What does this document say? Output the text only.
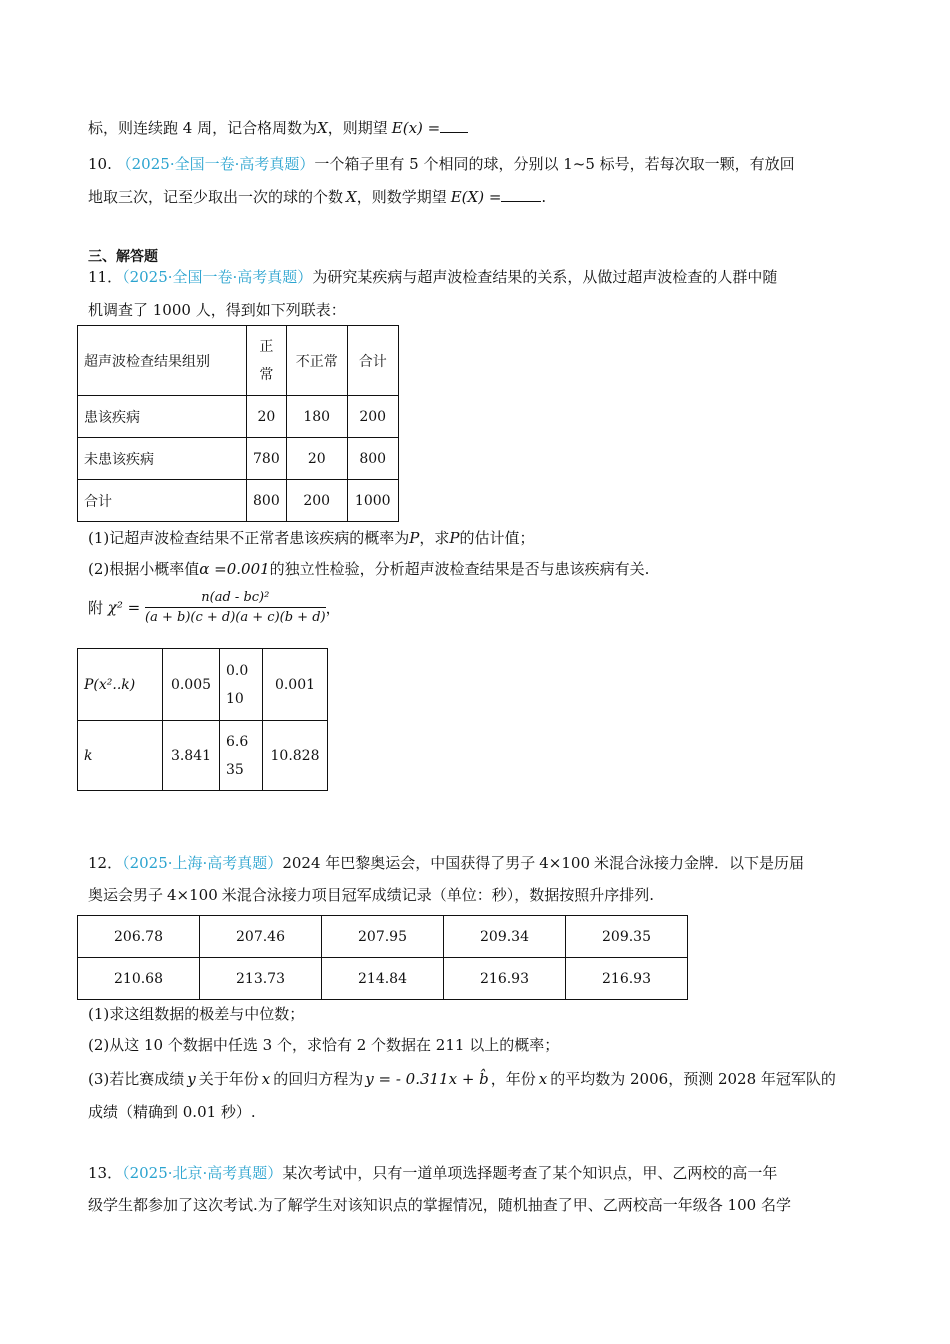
标，则连续跑 4 周，记合格周数为X，则期望 E(x) =
10. （2025·全国一卷·高考真题）一个箱子里有 5 个相同的球，分别以 1~5 标号，若每次取一颗，有放回
地取三次，记至少取出一次的球的个数 X，则数学期望 E(X) =	.
三、解答题
11．（2025·全国一卷·高考真题）为研究某疾病与超声波检查结果的关系，从做过超声波检查的人群中随
机调查了 1000 人，得到如下列联表：
超声波检查结果组别	正常	不正常	合计
患该疾病	20	180	200
未患该疾病	780	20	800
合计	800	200	1000
(1)记超声波检查结果不正常者患该疾病的概率为P，求P的估计值；
(2)根据小概率值α =0.001的独立性检验，分析超声波检查结果是否与患该疾病有关.
附 $\chi^2 = \frac{\text{n(ad - bc)²}}{(a + b)(c + d)(a + c)(b + d)}$ ，
P(x²..k)	0.005	0.010	0.001
k	3.841	6.635	10.828
12．（2025·上海·高考真题）2024 年巴黎奥运会，中国获得了男子 4×100 米混合泳接力金牌．以下是历届
奥运会男子 4×100 米混合泳接力项目冠军成绩记录（单位：秒），数据按照升序排列.
206.78	207.46	207.95	209.34	209.35
210.68	213.73	214.84	216.93	216.93
(1)求这组数据的极差与中位数；
(2)从这 10 个数据中任选 3 个，求恰有 2 个数据在 211 以上的概率；
(3)若比赛成绩 y 关于年份 x 的回归方程为 y = - 0.311x + b̂ ，年份 x 的平均数为 2006，预测 2028 年冠军队的
成绩（精确到 0.01 秒）.
13．（2025·北京·高考真题）某次考试中，只有一道单项选择题考查了某个知识点，甲、乙两校的高一年
级学生都参加了这次考试.为了解学生对该知识点的掌握情况，随机抽查了甲、乙两校高一年级各 100 名学
